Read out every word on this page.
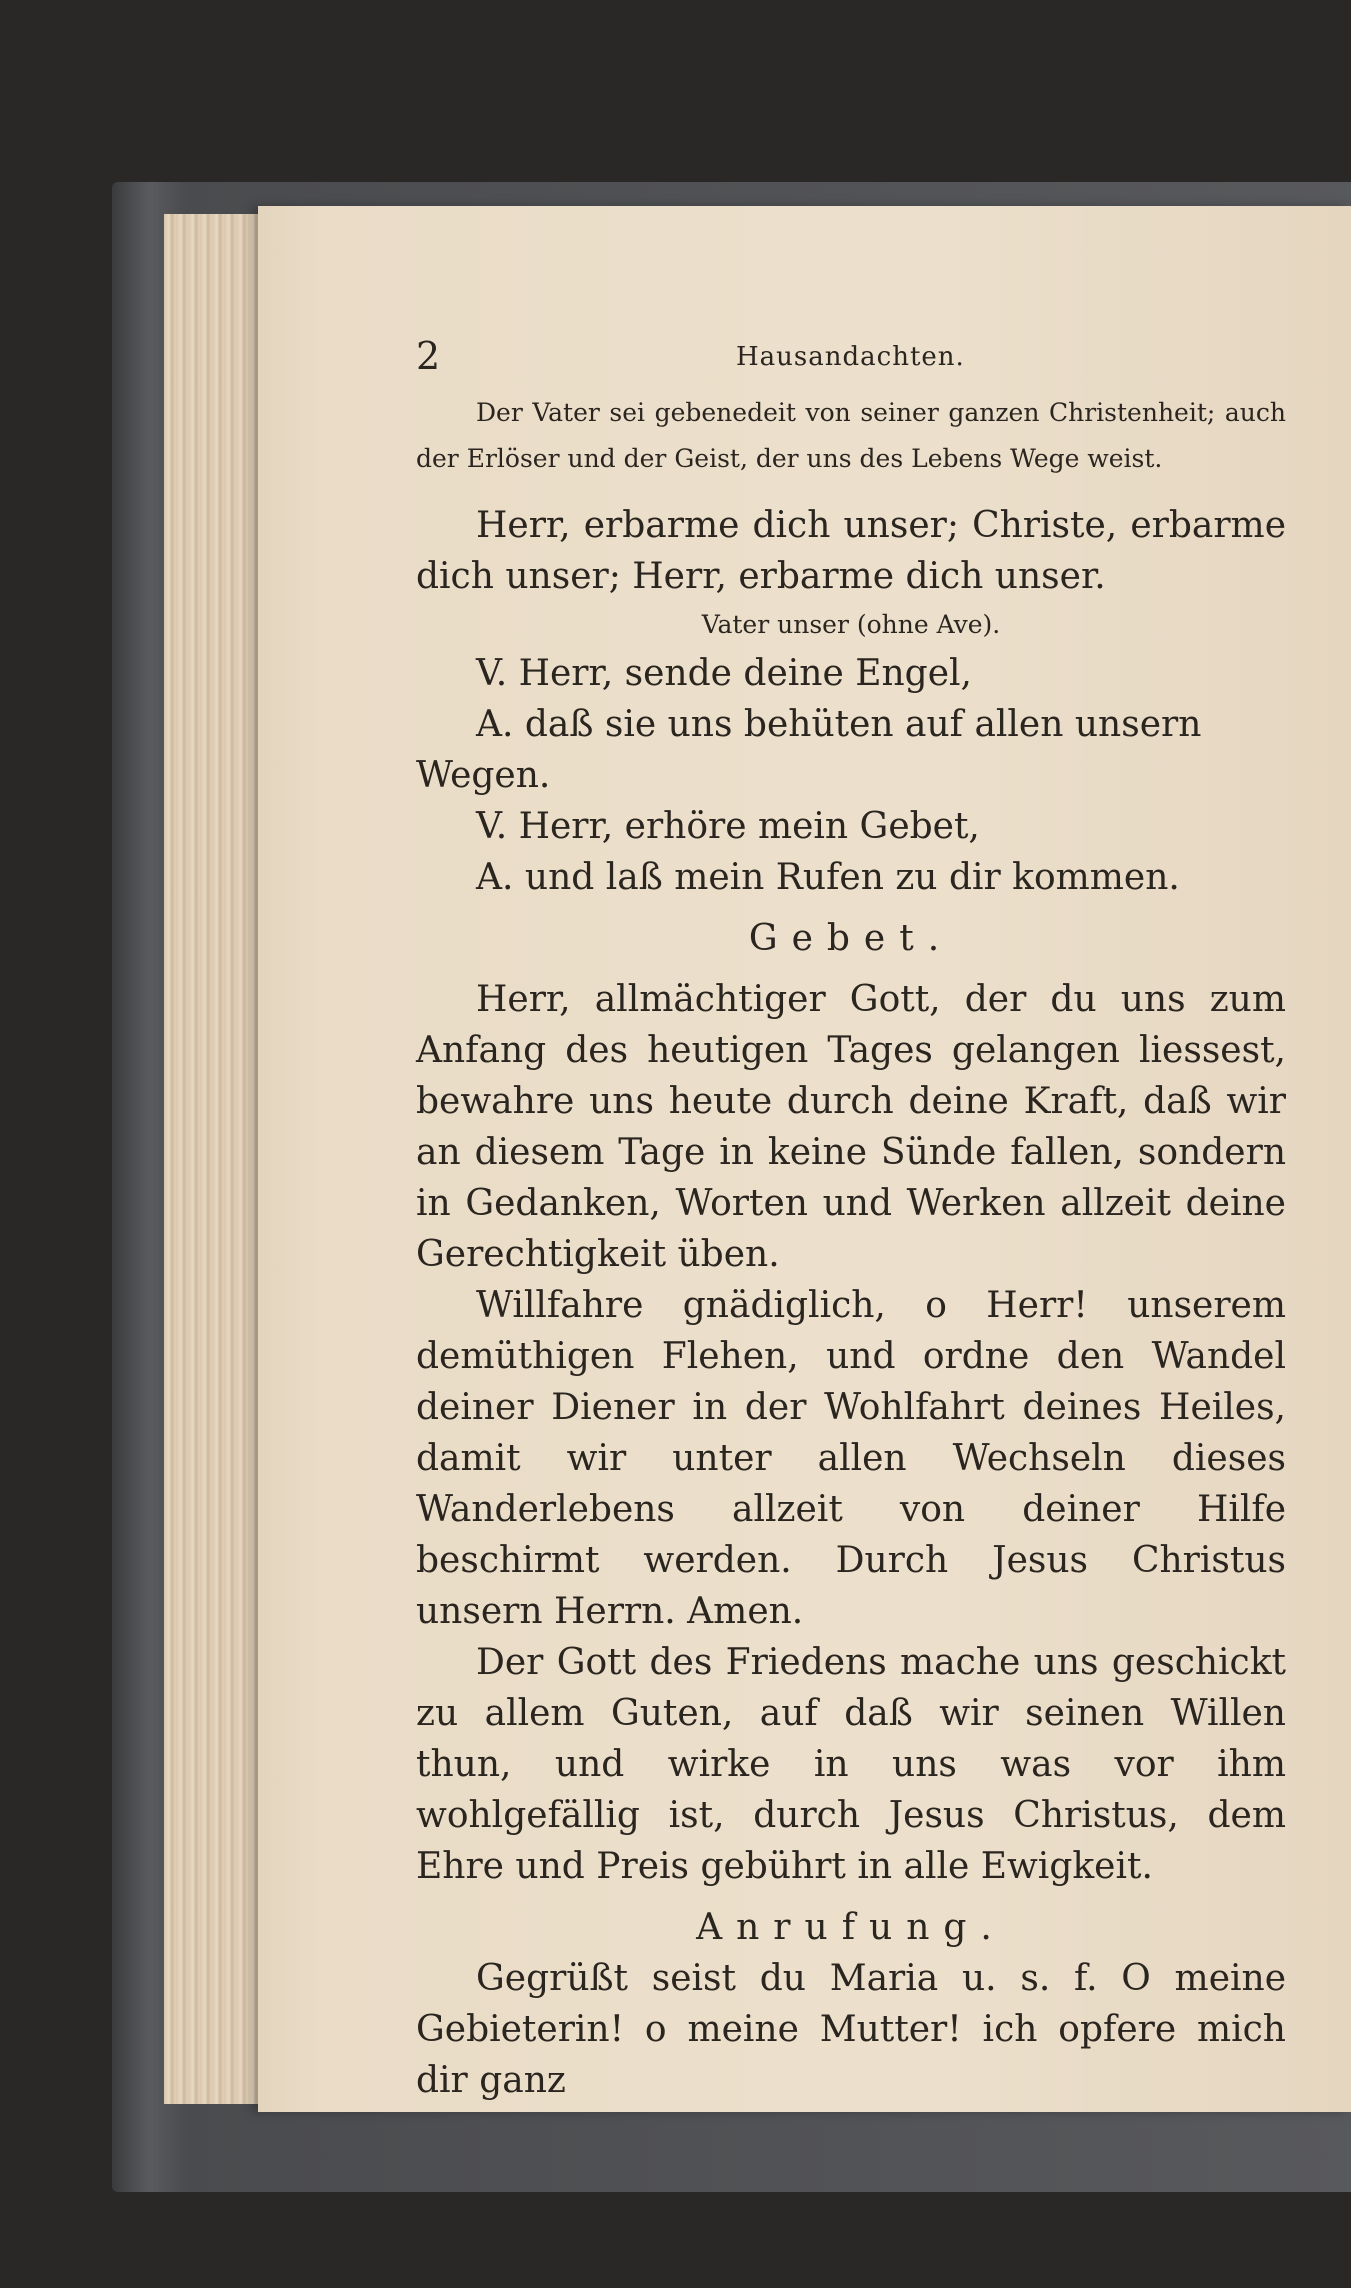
2	Hausandachten.

Der Vater sei gebenedeit von seiner ganzen Christenheit; auch der Erlöser und der Geist, der uns des Lebens Wege weist.

Herr, erbarme dich unser; Christe, erbarme dich unser; Herr, erbarme dich unser.

Vater unser (ohne Ave).

V. Herr, sende deine Engel,

A. daß sie uns behüten auf allen unsern Wegen.

V. Herr, erhöre mein Gebet,

A. und laß mein Rufen zu dir kommen.

Gebet.

Herr, allmächtiger Gott, der du uns zum Anfang des heutigen Tages gelangen liessest, bewahre uns heute durch deine Kraft, daß wir an diesem Tage in keine Sünde fallen, sondern in Gedanken, Worten und Werken allzeit deine Gerechtigkeit üben.

Willfahre gnädiglich, o Herr! unserem demüthigen Flehen, und ordne den Wandel deiner Diener in der Wohlfahrt deines Heiles, damit wir unter allen Wechseln dieses Wanderlebens allzeit von deiner Hilfe beschirmt werden. Durch Jesus Christus unsern Herrn. Amen.

Der Gott des Friedens mache uns geschickt zu allem Guten, auf daß wir seinen Willen thun, und wirke in uns was vor ihm wohlgefällig ist, durch Jesus Christus, dem Ehre und Preis gebührt in alle Ewigkeit.

Anrufung.

Gegrüßt seist du Maria u. s. f. O meine Gebieterin! o meine Mutter! ich opfere mich dir ganz
